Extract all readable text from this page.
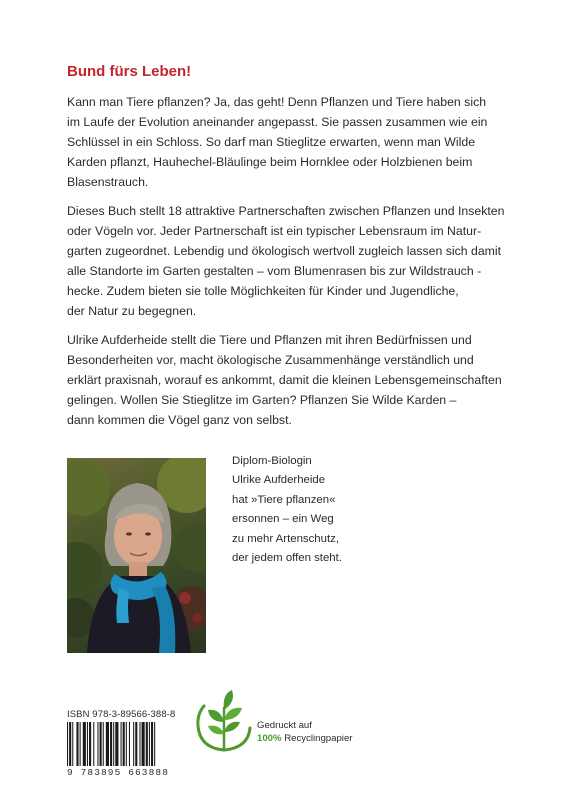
Bund fürs Leben!
Kann man Tiere pflanzen? Ja, das geht! Denn Pflanzen und Tiere haben sich
im Laufe der Evolution aneinander angepasst. Sie passen zusammen wie ein
Schlüssel in ein Schloss. So darf man Stieglitze erwarten, wenn man Wilde
Karden pflanzt, Hauhechel-Bläulinge beim Hornklee oder Holzbienen beim
Blasenstrauch.
Dieses Buch stellt 18 attraktive Partnerschaften zwischen Pflanzen und Insekten
oder Vögeln vor. Jeder Partnerschaft ist ein typischer Lebensraum im Natur-
garten zugeordnet. Lebendig und ökologisch wertvoll zugleich lassen sich damit
alle Standorte im Garten gestalten – vom Blumenrasen bis zur Wildstrauch -
hecke. Zudem bieten sie tolle Möglichkeiten für Kinder und Jugendliche,
der Natur zu begegnen.
Ulrike Aufderheide stellt die Tiere und Pflanzen mit ihren Bedürfnissen und
Besonderheiten vor, macht ökologische Zusammenhänge verständlich und
erklärt praxisnah, worauf es ankommt, damit die kleinen Lebensgemeinschaften
gelingen. Wollen Sie Stieglitze im Garten? Pflanzen Sie Wilde Karden –
dann kommen die Vögel ganz von selbst.
Diplom-Biologin
Ulrike Aufderheide
hat »Tiere pflanzen«
ersonnen – ein Weg
zu mehr Artenschutz,
der jedem offen steht.
ISBN 978-3-89566-388-8
9 783895 663888
Gedruckt auf
100% Recyclingpapier
